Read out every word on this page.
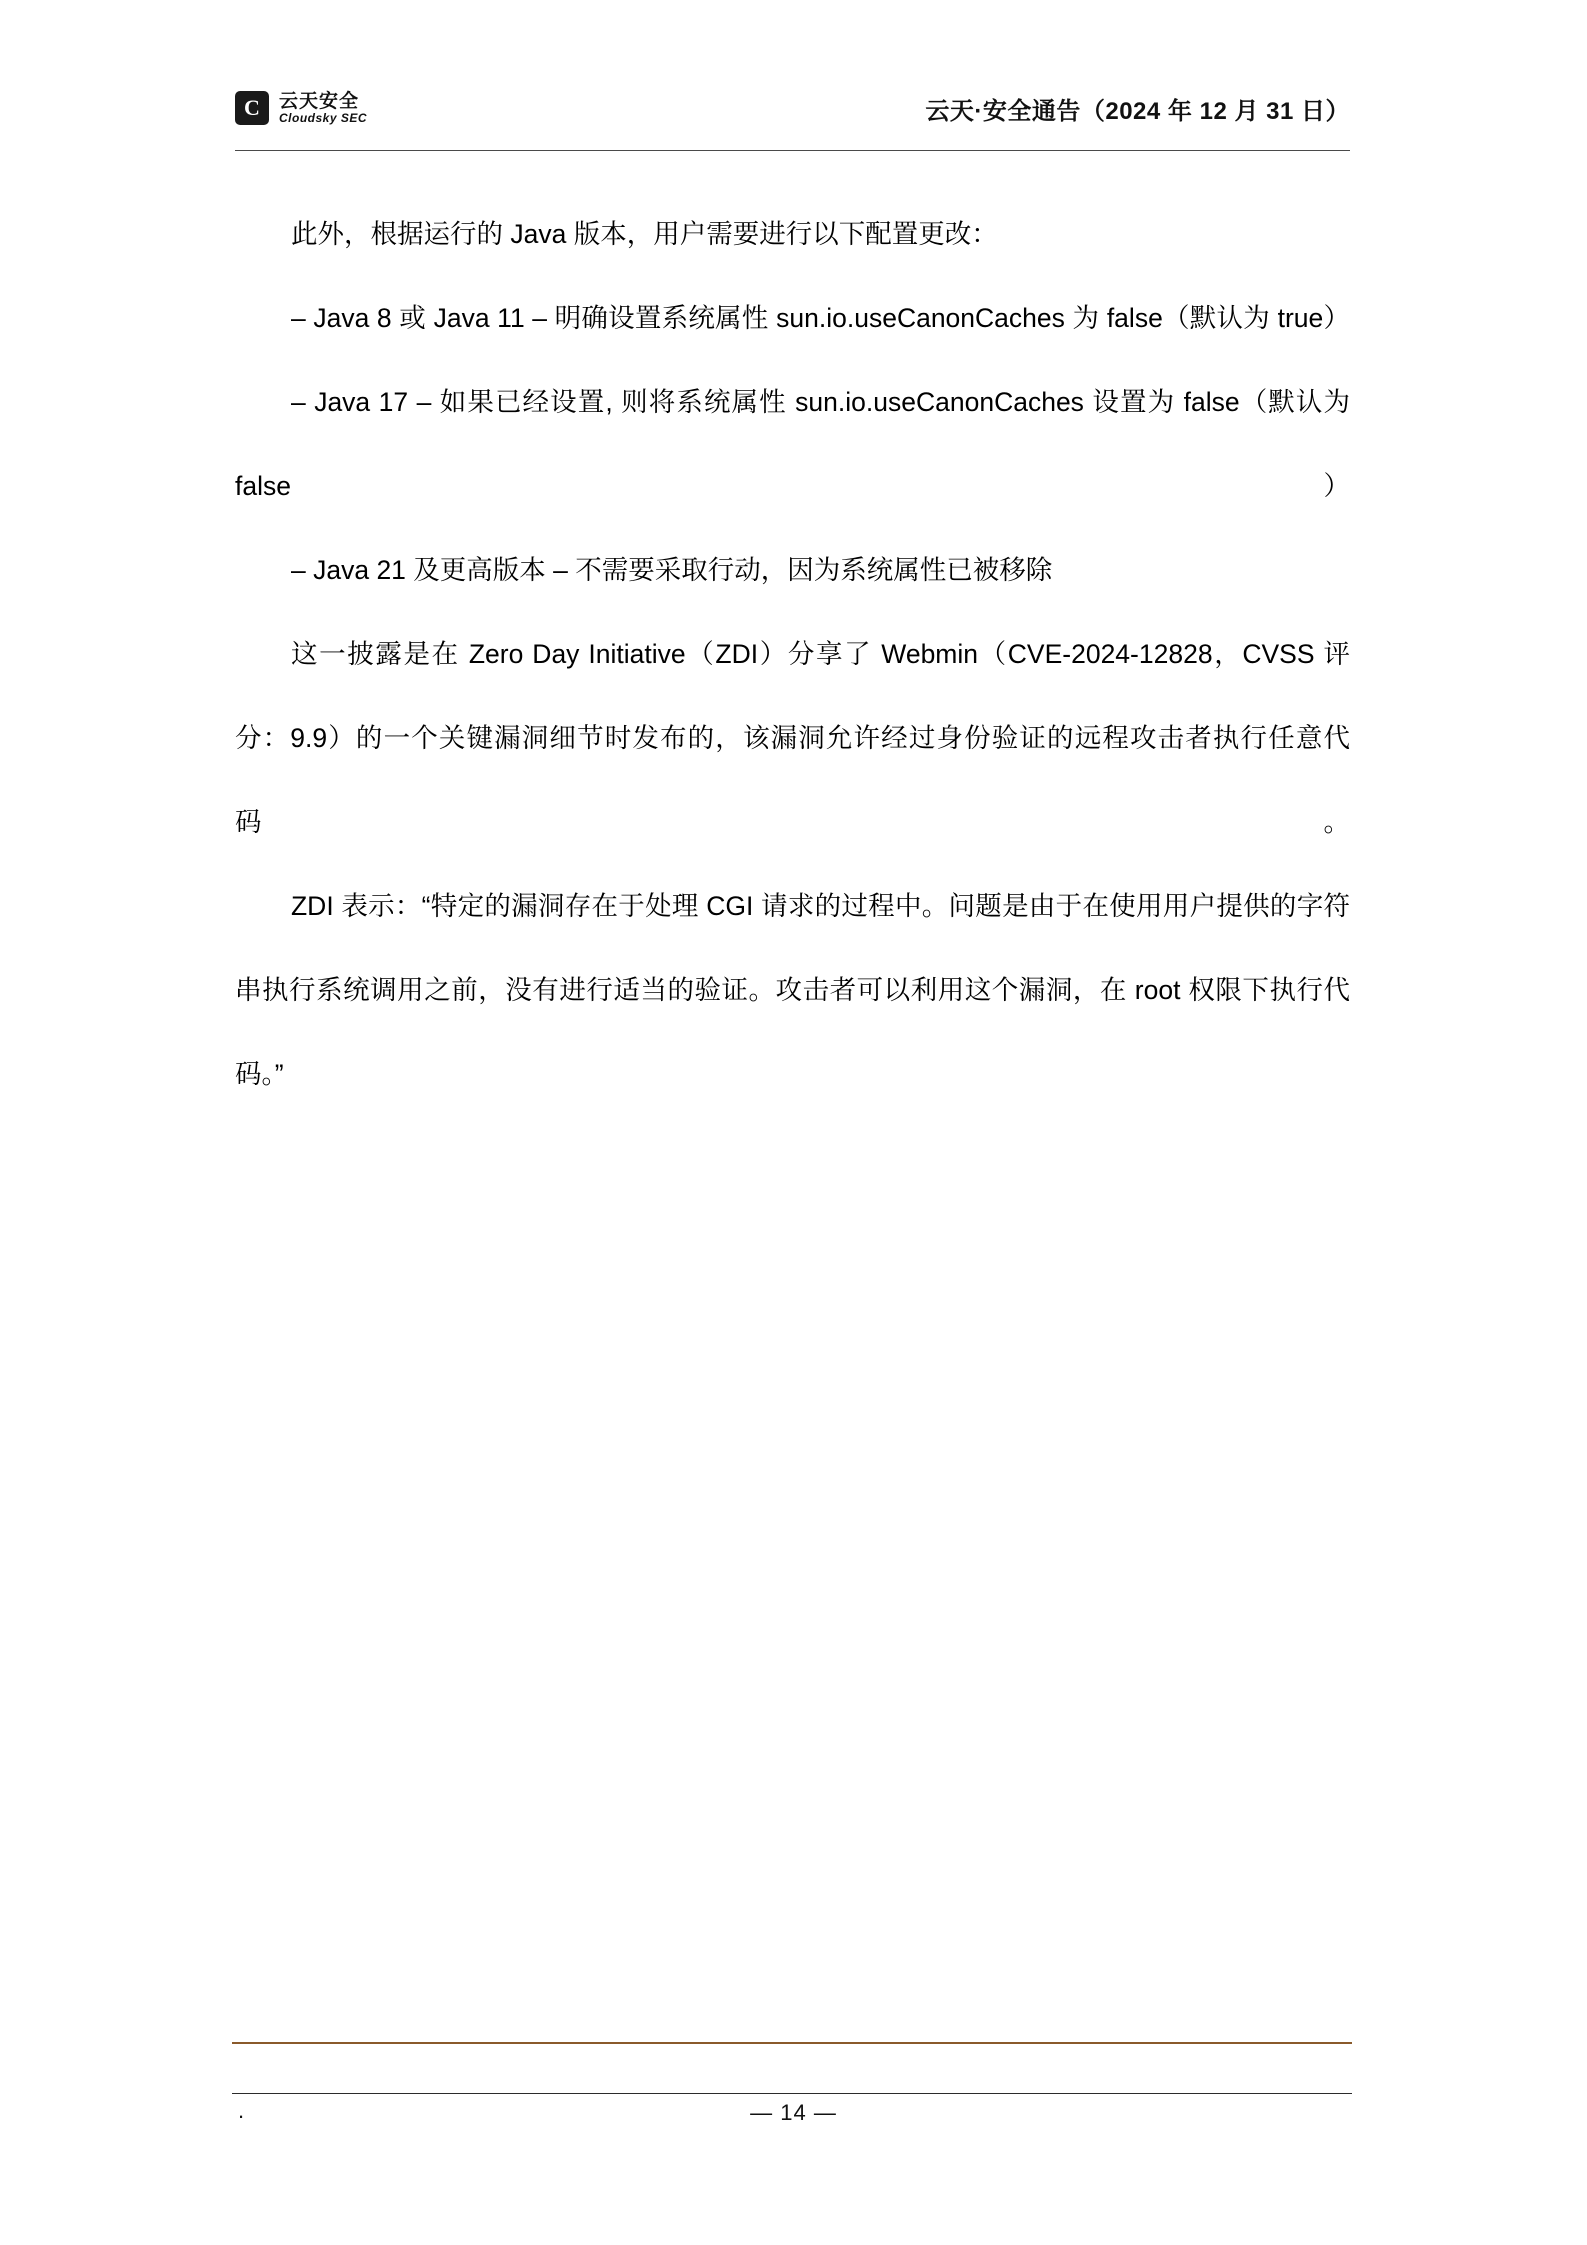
C 云天安全
Cloudsky SEC	云天·安全通告（2024 年 12 月 31 日）

此外，根据运行的 Java 版本，用户需要进行以下配置更改：

– Java 8 或 Java 11 – 明确设置系统属性 sun.io.useCanonCaches 为 false（默认为 true）

– Java 17 – 如果已经设置, 则将系统属性 sun.io.useCanonCaches 设置为 false（默认为 false）

– Java 21 及更高版本 – 不需要采取行动，因为系统属性已被移除

这一披露是在 Zero Day Initiative（ZDI）分享了 Webmin（CVE-2024-12828，CVSS 评分：9.9）的一个关键漏洞细节时发布的，该漏洞允许经过身份验证的远程攻击者执行任意代码。

ZDI 表示：“特定的漏洞存在于处理 CGI 请求的过程中。问题是由于在使用用户提供的字符串执行系统调用之前，没有进行适当的验证。攻击者可以利用这个漏洞，在 root 权限下执行代码。”

.	— 14 —
